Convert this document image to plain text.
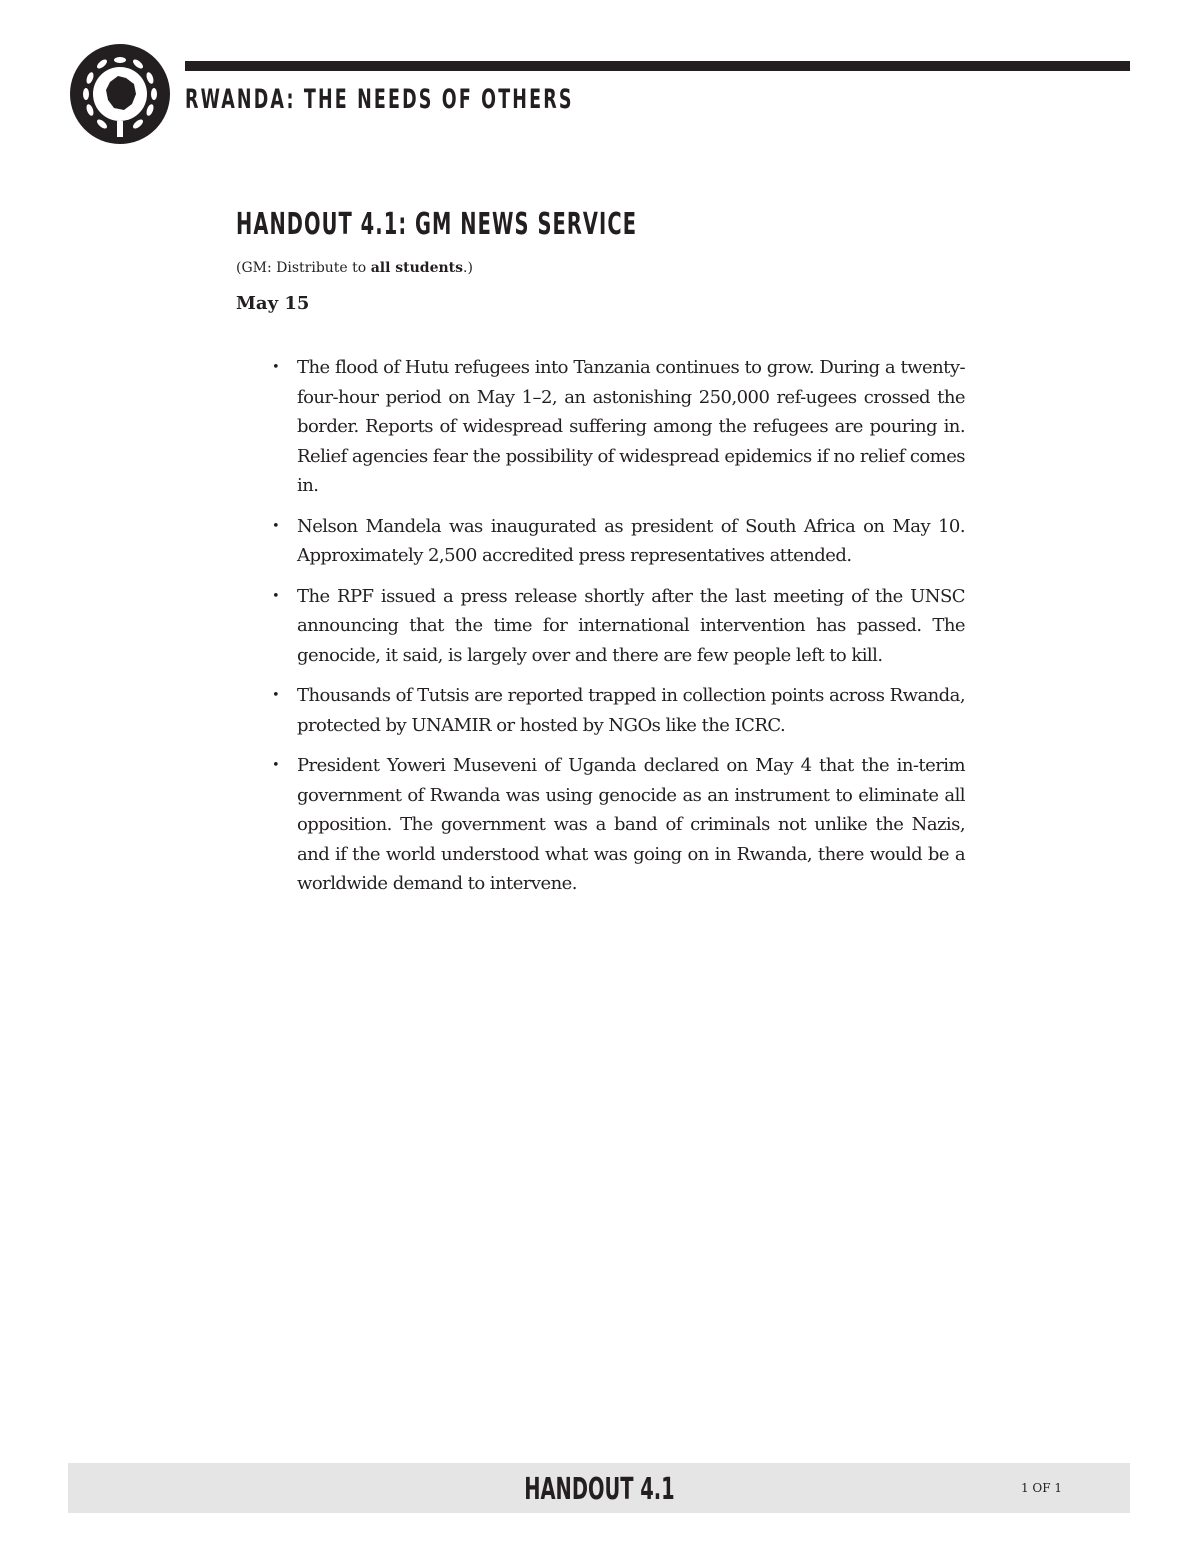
RWANDA: THE NEEDS OF OTHERS
HANDOUT 4.1: GM NEWS SERVICE
(GM: Distribute to all students.)
May 15
• The flood of Hutu refugees into Tanzania continues to grow. During a twenty-four-hour period on May 1–2, an astonishing 250,000 ref-ugees crossed the border. Reports of widespread suffering among the refugees are pouring in. Relief agencies fear the possibility of widespread epidemics if no relief comes in.
• Nelson Mandela was inaugurated as president of South Africa on May 10. Approximately 2,500 accredited press representatives attended.
• The RPF issued a press release shortly after the last meeting of the UNSC announcing that the time for international intervention has passed. The genocide, it said, is largely over and there are few people left to kill.
• Thousands of Tutsis are reported trapped in collection points across Rwanda, protected by UNAMIR or hosted by NGOs like the ICRC.
• President Yoweri Museveni of Uganda declared on May 4 that the in-terim government of Rwanda was using genocide as an instrument to eliminate all opposition. The government was a band of criminals not unlike the Nazis, and if the world understood what was going on in Rwanda, there would be a worldwide demand to intervene.
HANDOUT 4.1	1 OF 1
